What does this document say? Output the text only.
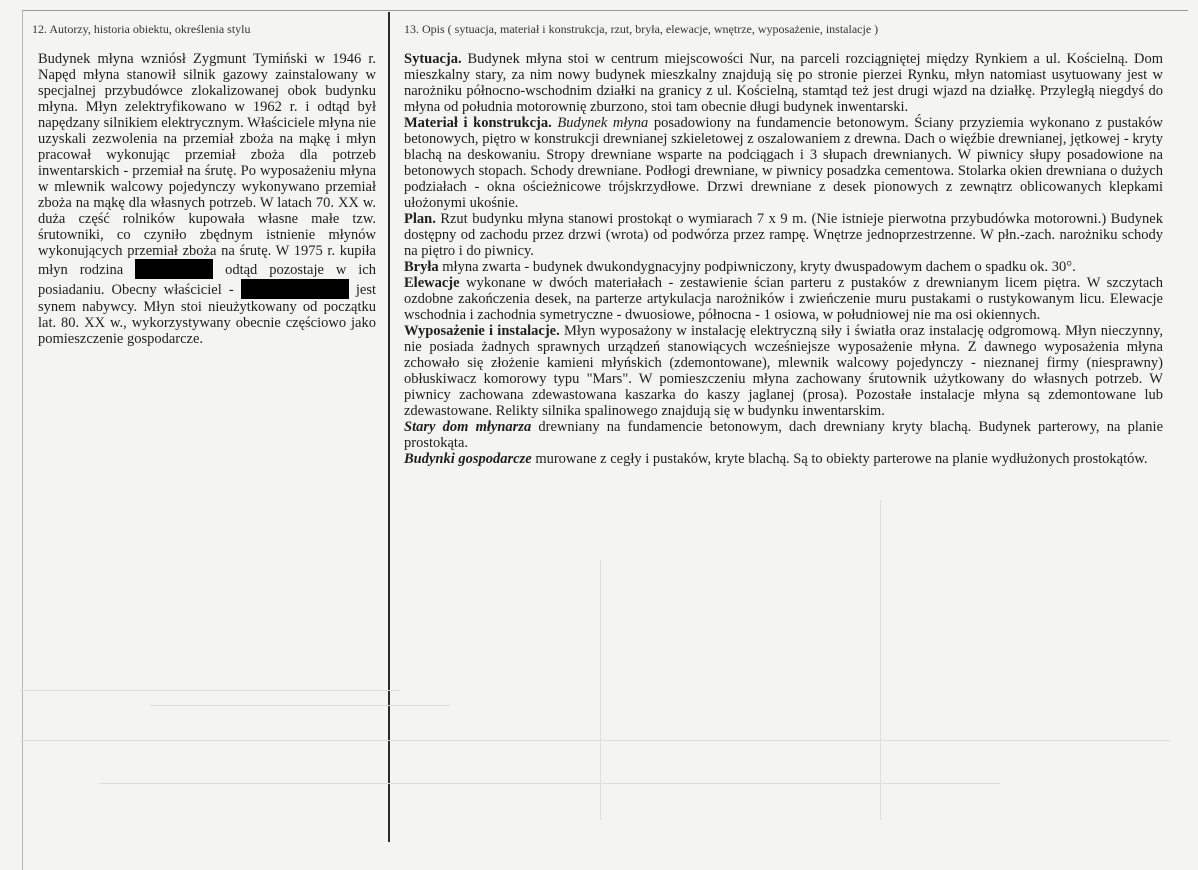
12. Autorzy, historia obiektu, określenia stylu

Budynek młyna wzniósł Zygmunt Tymiński w 1946 r. Napęd młyna stanowił silnik gazowy zainstalowany w specjalnej przybudówce zlokalizowanej obok budynku młyna. Młyn zelektryfikowano w 1962 r. i odtąd był napędzany silnikiem elektrycznym. Właściciele młyna nie uzyskali zezwolenia na przemiał zboża na mąkę i młyn pracował wykonując przemiał zboża dla potrzeb inwentarskich - przemiał na śrutę. Po wyposażeniu młyna w mlewnik walcowy pojedynczy wykonywano przemiał zboża na mąkę dla własnych potrzeb. W latach 70. XX w. duża część rolników kupowała własne małe tzw. śrutowniki, co czyniło zbędnym istnienie młynów wykonujących przemiał zboża na śrutę. W 1975 r. kupiła młyn rodzina	odtąd pozostaje w ich posiadaniu. Obecny właściciel -	jest synem nabywcy. Młyn stoi nieużytkowany od początku lat. 80. XX w., wykorzystywany obecnie częściowo jako pomieszczenie gospodarcze.

13. Opis ( sytuacja, materiał i konstrukcja, rzut, bryła, elewacje, wnętrze, wyposażenie, instalacje )

Sytuacja. Budynek młyna stoi w centrum miejscowości Nur, na parceli rozciągniętej między Rynkiem a ul. Kościelną. Dom mieszkalny stary, za nim nowy budynek mieszkalny znajdują się po stronie pierzei Rynku, młyn natomiast usytuowany jest w narożniku północno-wschodnim działki na granicy z ul. Kościelną, stamtąd też jest drugi wjazd na działkę. Przyległą niegdyś do młyna od południa motorownię zburzono, stoi tam obecnie długi budynek inwentarski.

Materiał i konstrukcja. Budynek młyna posadowiony na fundamencie betonowym. Ściany przyziemia wykonano z pustaków betonowych, piętro w konstrukcji drewnianej szkieletowej z oszalowaniem z drewna. Dach o więźbie drewnianej, jętkowej - kryty blachą na deskowaniu. Stropy drewniane wsparte na podciągach i 3 słupach drewnianych. W piwnicy słupy posadowione na betonowych stopach. Schody drewniane. Podłogi drewniane, w piwnicy posadzka cementowa. Stolarka okien drewniana o dużych podziałach - okna ościeżnicowe trójskrzydłowe. Drzwi drewniane z desek pionowych z zewnątrz oblicowanych klepkami ułożonymi ukośnie.

Plan. Rzut budynku młyna stanowi prostokąt o wymiarach 7 x 9 m. (Nie istnieje pierwotna przybudówka motorowni.) Budynek dostępny od zachodu przez drzwi (wrota) od podwórza przez rampę. Wnętrze jednoprzestrzenne. W płn.-zach. narożniku schody na piętro i do piwnicy.

Bryła młyna zwarta - budynek dwukondygnacyjny podpiwniczony, kryty dwuspadowym dachem o spadku ok. 30°.

Elewacje wykonane w dwóch materiałach - zestawienie ścian parteru z pustaków z drewnianym licem piętra. W szczytach ozdobne zakończenia desek, na parterze artykulacja narożników i zwieńczenie muru pustakami o rustykowanym licu. Elewacje wschodnia i zachodnia symetryczne - dwuosiowe, północna - 1 osiowa, w południowej nie ma osi okiennych.

Wyposażenie i instalacje. Młyn wyposażony w instalację elektryczną siły i światła oraz instalację odgromową. Młyn nieczynny, nie posiada żadnych sprawnych urządzeń stanowiących wcześniejsze wyposażenie młyna. Z dawnego wyposażenia młyna zchowało się złożenie kamieni młyńskich (zdemontowane), mlewnik walcowy pojedynczy - nieznanej firmy (niesprawny) obłuskiwacz komorowy typu "Mars". W pomieszczeniu młyna zachowany śrutownik użytkowany do własnych potrzeb. W piwnicy zachowana zdewastowana kaszarka do kaszy jaglanej (prosa). Pozostałe instalacje młyna są zdemontowane lub zdewastowane. Relikty silnika spalinowego znajdują się w budynku inwentarskim.

Stary dom młynarza drewniany na fundamencie betonowym, dach drewniany kryty blachą. Budynek parterowy, na planie prostokąta.

Budynki gospodarcze murowane z cegły i pustaków, kryte blachą. Są to obiekty parterowe na planie wydłużonych prostokątów.
